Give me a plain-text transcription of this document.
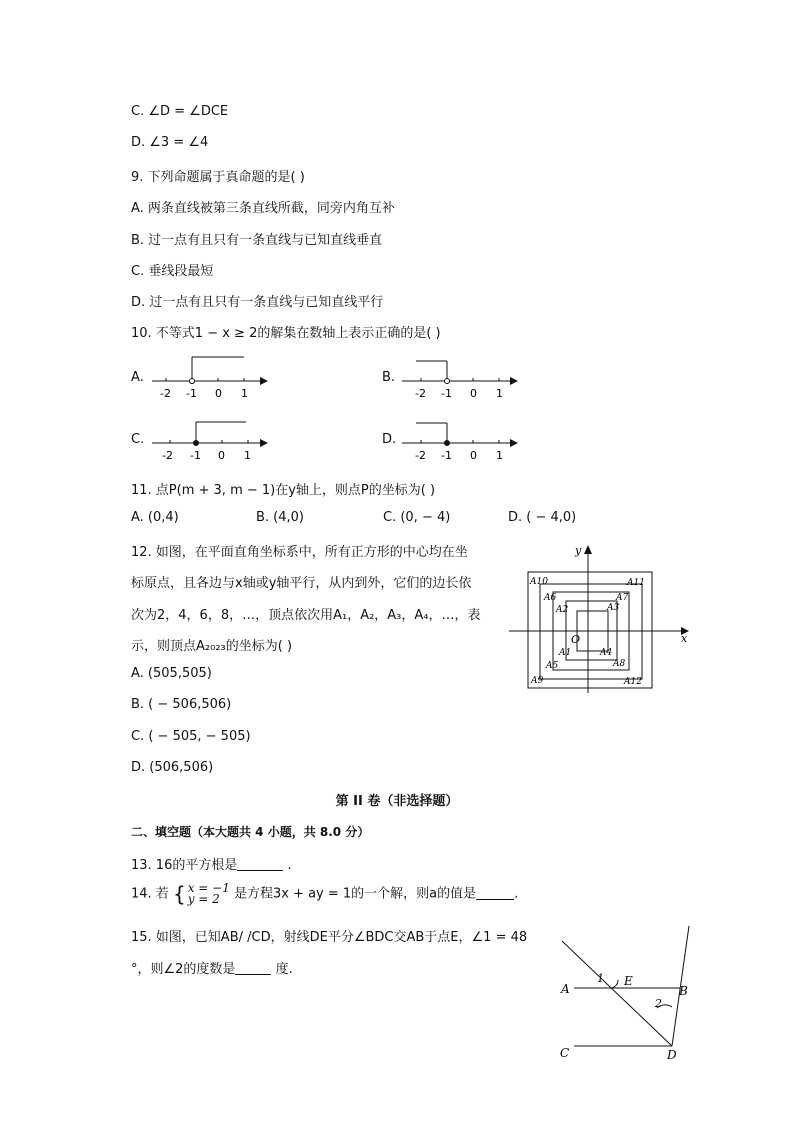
C. ∠D = ∠DCE
D. ∠3 = ∠4
9. 下列命题属于真命题的是( )
A. 两条直线被第三条直线所截，同旁内角互补
B. 过一点有且只有一条直线与已知直线垂直
C. 垂线段最短
D. 过一点有且只有一条直线与已知直线平行
10. 不等式1 − x ≥ 2的解集在数轴上表示正确的是( )
A.
-2 -1 0 1
B.
-2 -1 0 1
C.
-2 -1 0 1
D.
-2 -1 0 1
11. 点P(m + 3, m − 1)在y轴上，则点P的坐标为( )
A. (0,4)	B. (4,0)	C. (0, − 4)	D. ( − 4,0)
12. 如图，在平面直角坐标系中，所有正方形的中心均在坐
标原点，且各边与x轴或y轴平行，从内到外，它们的边长依
次为2，4，6，8，…，顶点依次用A₁，A₂，A₃，A₄，…，表
示，则顶点A₂₀₂₃的坐标为( )
A. (505,505)
B. ( − 506,506)
C. ( − 505, − 505)
D. (506,506)
y
x
O
A1
A2	A3
A4
A5
A6	A7
A8
A9
A10	A11
A12
第 II 卷（非选择题）
二、填空题（本大题共 4 小题，共 8.0 分）
13. 16的平方根是	.
14. 若 { x = −1
y = 2	是方程3x + ay = 1的一个解，则a的值是	.
15. 如图，已知AB/ /CD，射线DE平分∠BDC交AB于点E，∠1 = 48
°，则∠2的度数是	度.
A	B
C	D
E
1
2
